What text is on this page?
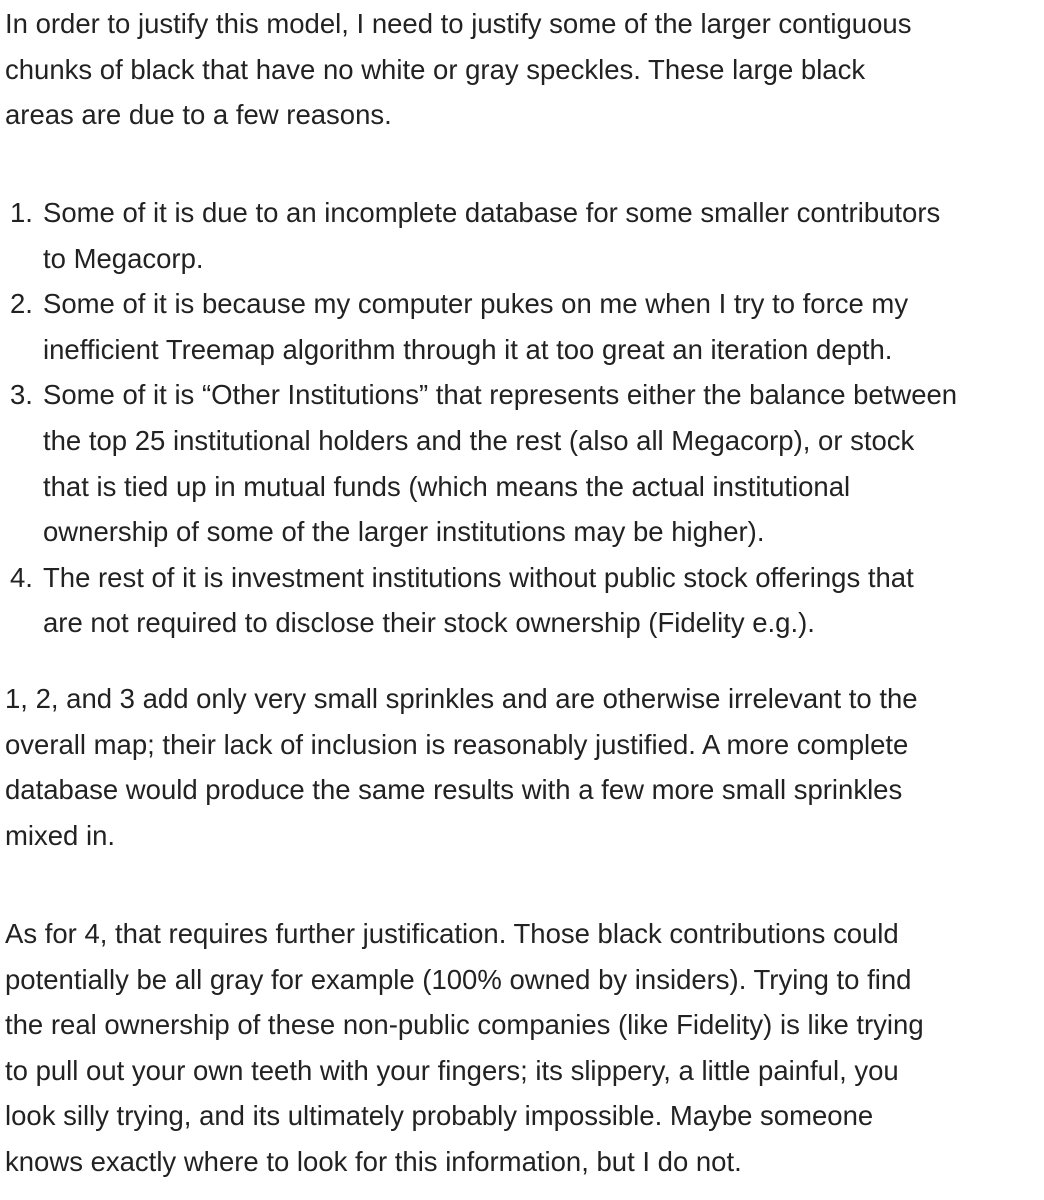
In order to justify this model, I need to justify some of the larger contiguous
chunks of black that have no white or gray speckles. These large black
areas are due to a few reasons.

1. Some of it is due to an incomplete database for some smaller contributors
to Megacorp.
2. Some of it is because my computer pukes on me when I try to force my
inefficient Treemap algorithm through it at too great an iteration depth.
3. Some of it is “Other Institutions” that represents either the balance between
the top 25 institutional holders and the rest (also all Megacorp), or stock
that is tied up in mutual funds (which means the actual institutional
ownership of some of the larger institutions may be higher).
4. The rest of it is investment institutions without public stock offerings that
are not required to disclose their stock ownership (Fidelity e.g.).

1, 2, and 3 add only very small sprinkles and are otherwise irrelevant to the
overall map; their lack of inclusion is reasonably justified. A more complete
database would produce the same results with a few more small sprinkles
mixed in.

As for 4, that requires further justification. Those black contributions could
potentially be all gray for example (100% owned by insiders). Trying to find
the real ownership of these non-public companies (like Fidelity) is like trying
to pull out your own teeth with your fingers; its slippery, a little painful, you
look silly trying, and its ultimately probably impossible. Maybe someone
knows exactly where to look for this information, but I do not.
